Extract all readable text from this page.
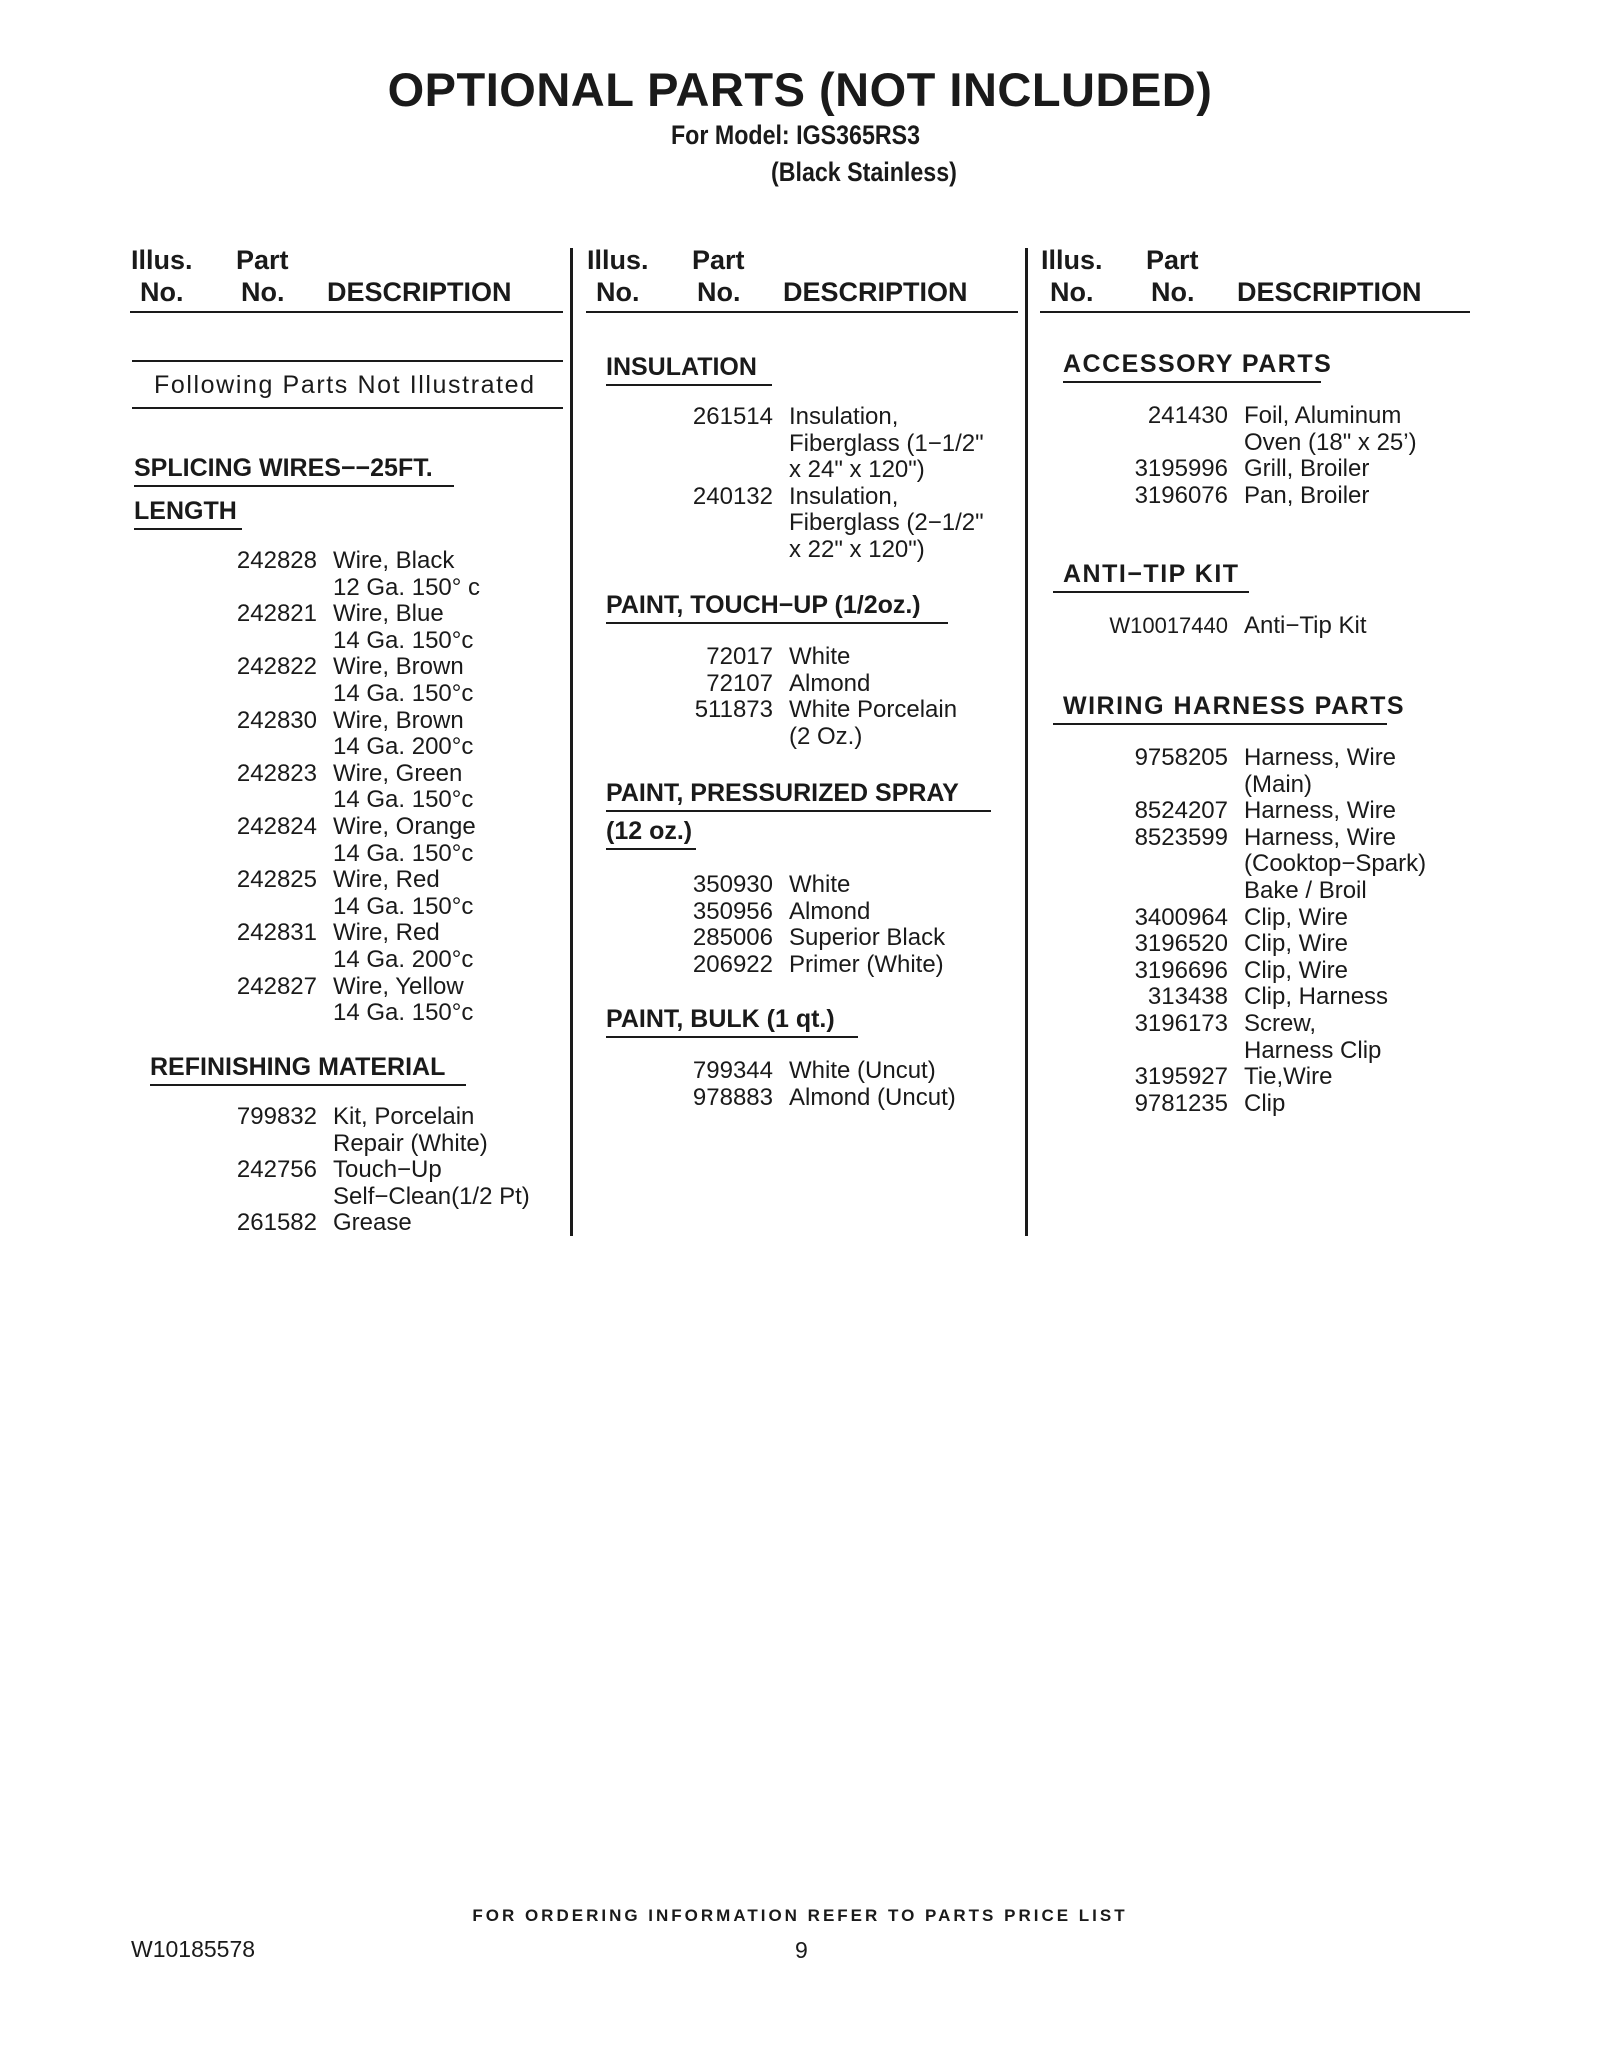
OPTIONAL PARTS (NOT INCLUDED)
For Model: IGS365RS3
(Black Stainless)
Illus.
No.
Part
No. DESCRIPTION
Illus.
No.
Part
No. DESCRIPTION
Illus.
No.
Part
No. DESCRIPTION
Following Parts Not Illustrated
SPLICING WIRES−−25FT.
LENGTH
242828 Wire, Black
12 Ga. 150° c
242821 Wire, Blue
14 Ga. 150°c
242822 Wire, Brown
14 Ga. 150°c
242830 Wire, Brown
14 Ga. 200°c
242823 Wire, Green
14 Ga. 150°c
242824 Wire, Orange
14 Ga. 150°c
242825 Wire, Red
14 Ga. 150°c
242831 Wire, Red
14 Ga. 200°c
242827 Wire, Yellow
14 Ga. 150°c
REFINISHING MATERIAL
799832 Kit, Porcelain
Repair (White)
242756 Touch−Up
Self−Clean(1/2 Pt)
261582 Grease
INSULATION
261514 Insulation,
Fiberglass (1−1/2"
x 24" x 120")
240132 Insulation,
Fiberglass (2−1/2"
x 22" x 120")
PAINT, TOUCH−UP (1/2oz.)
72017 White
72107 Almond
511873 White Porcelain
(2 Oz.)
PAINT, PRESSURIZED SPRAY
(12 oz.)
350930 White
350956 Almond
285006 Superior Black
206922 Primer (White)
PAINT, BULK (1 qt.)
799344 White (Uncut)
978883 Almond (Uncut)
ACCESSORY PARTS
241430 Foil, Aluminum
Oven (18" x 25’)
3195996 Grill, Broiler
3196076 Pan, Broiler
ANTI−TIP KIT
W10017440 Anti−Tip Kit
WIRING HARNESS PARTS
9758205 Harness, Wire
(Main)
8524207 Harness, Wire
8523599 Harness, Wire
(Cooktop−Spark)
Bake / Broil
3400964 Clip, Wire
3196520 Clip, Wire
3196696 Clip, Wire
313438 Clip, Harness
3196173 Screw,
Harness Clip
3195927 Tie,Wire
9781235 Clip
FOR ORDERING INFORMATION REFER TO PARTS PRICE LIST
W10185578	9
